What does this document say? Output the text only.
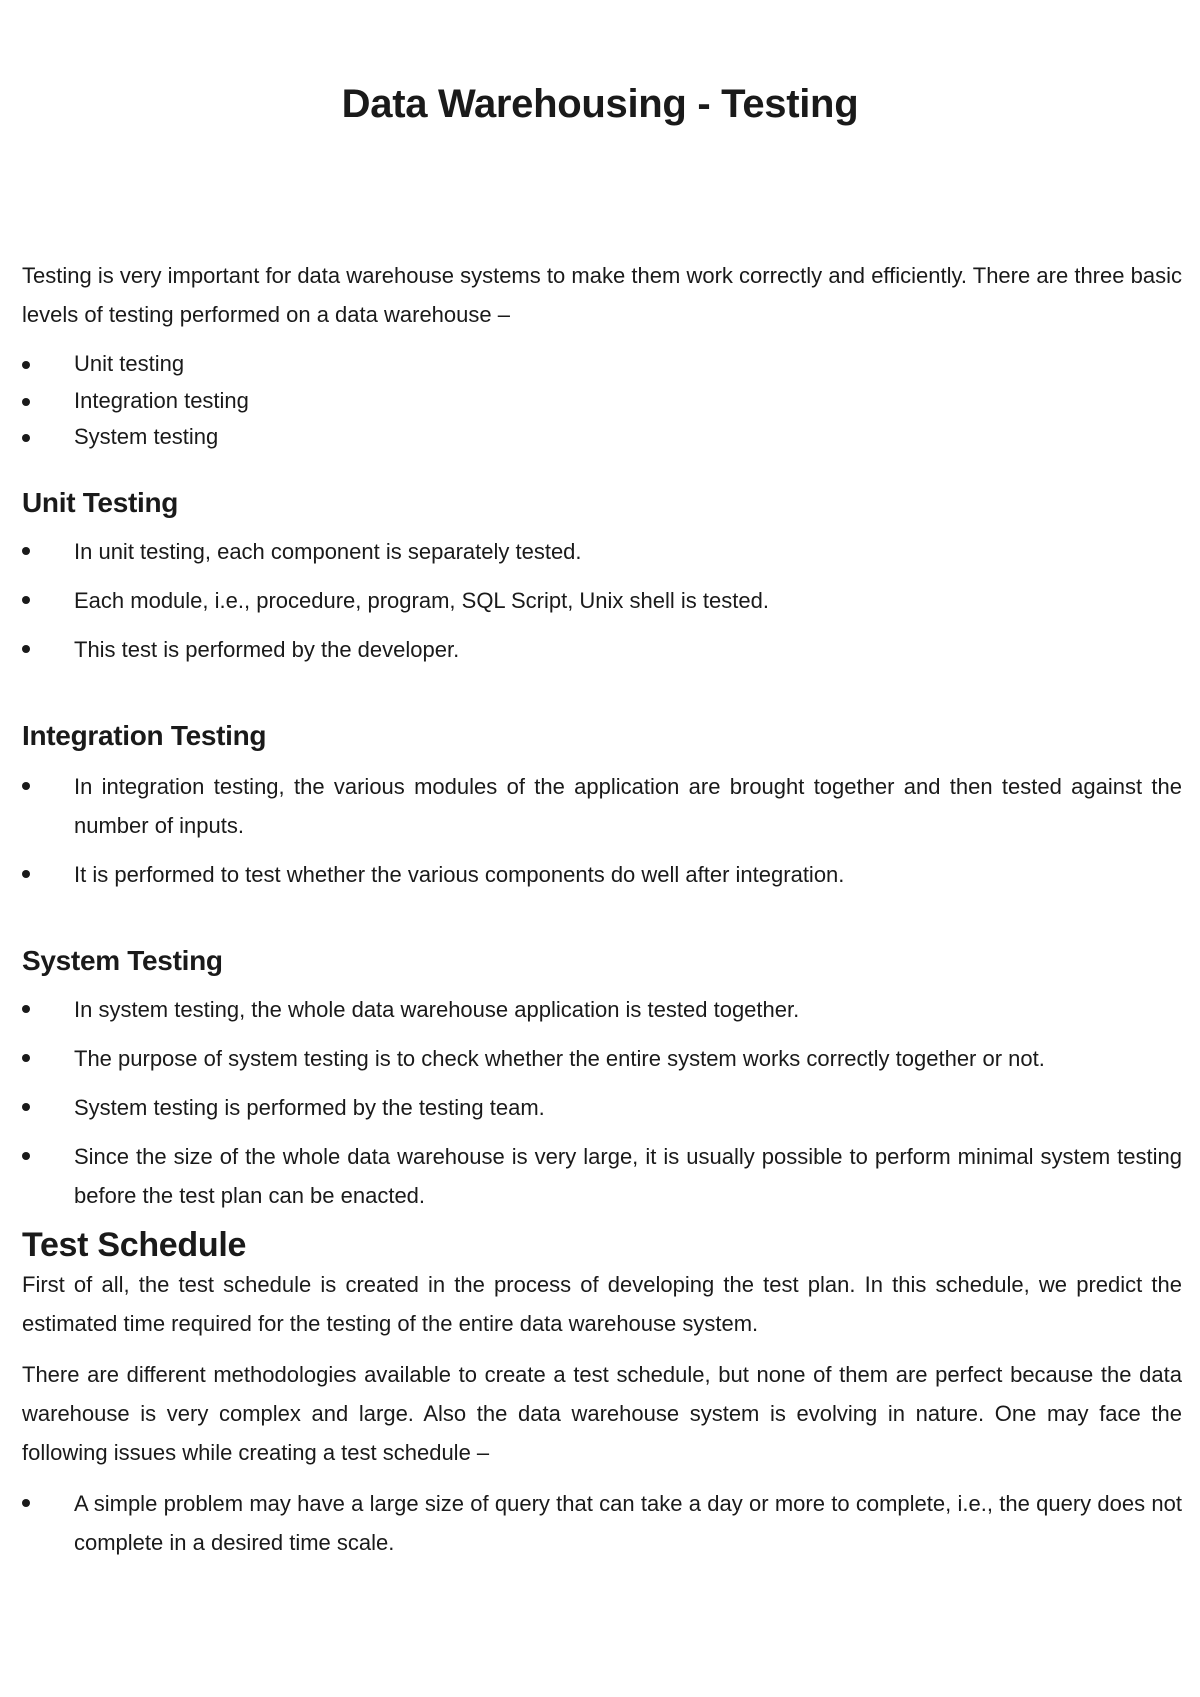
Data Warehousing - Testing

Testing is very important for data warehouse systems to make them work correctly and efficiently. There are three basic levels of testing performed on a data warehouse –

Unit testing
Integration testing
System testing
Unit Testing
In unit testing, each component is separately tested.
Each module, i.e., procedure, program, SQL Script, Unix shell is tested.
This test is performed by the developer.
Integration Testing
In integration testing, the various modules of the application are brought together and then tested against the number of inputs.
It is performed to test whether the various components do well after integration.
System Testing
In system testing, the whole data warehouse application is tested together.
The purpose of system testing is to check whether the entire system works correctly together or not.
System testing is performed by the testing team.
Since the size of the whole data warehouse is very large, it is usually possible to perform minimal system testing before the test plan can be enacted.
Test Schedule

First of all, the test schedule is created in the process of developing the test plan. In this schedule, we predict the estimated time required for the testing of the entire data warehouse system.

There are different methodologies available to create a test schedule, but none of them are perfect because the data warehouse is very complex and large. Also the data warehouse system is evolving in nature. One may face the following issues while creating a test schedule –

A simple problem may have a large size of query that can take a day or more to complete, i.e., the query does not complete in a desired time scale.
